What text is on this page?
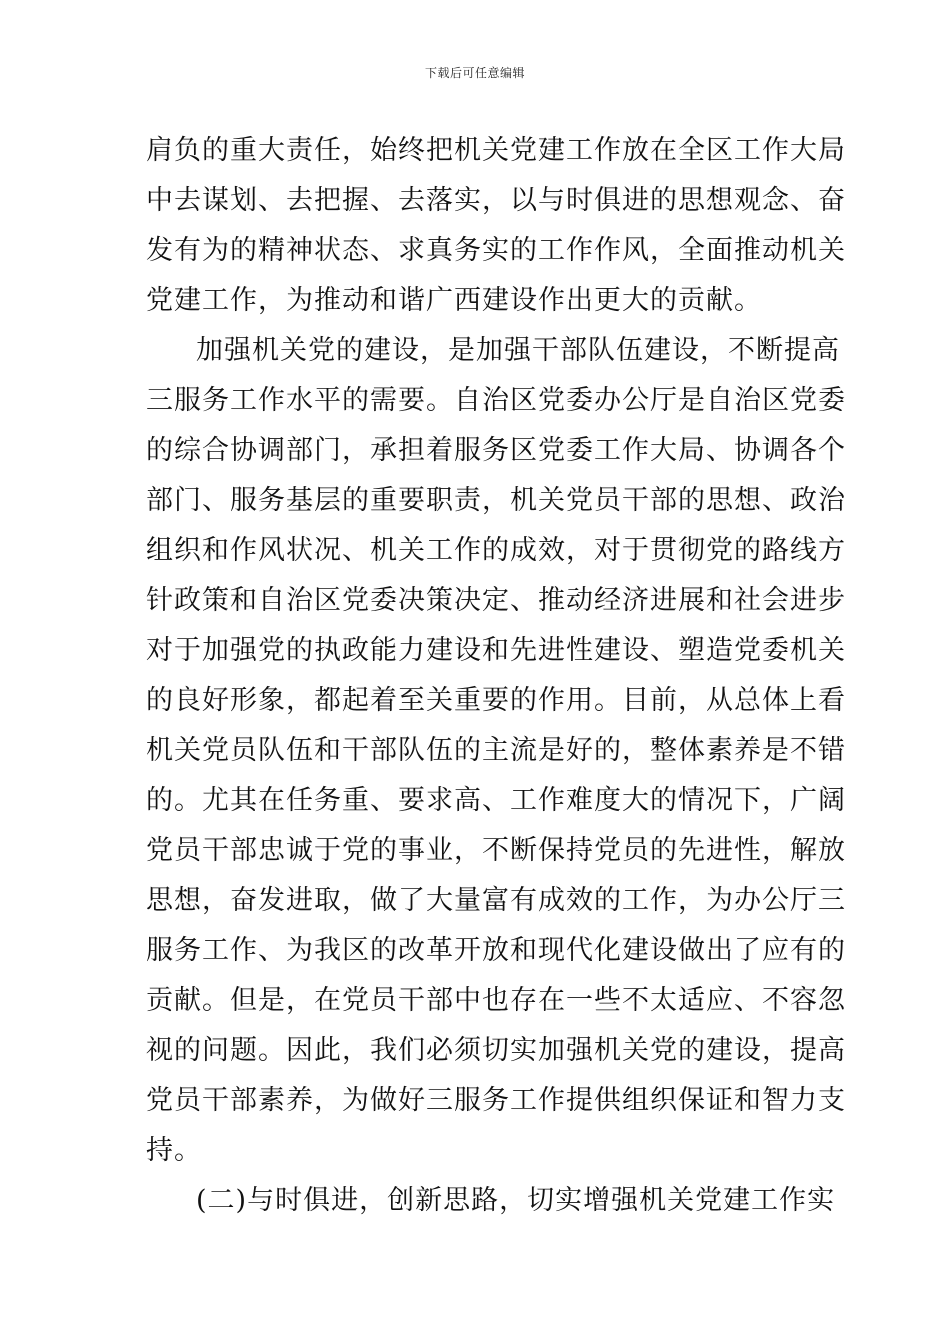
下载后可任意编辑
肩负的重大责任，始终把机关党建工作放在全区工作大局
中去谋划、去把握、去落实，以与时俱进的思想观念、奋
发有为的精神状态、求真务实的工作作风，全面推动机关
党建工作，为推动和谐广西建设作出更大的贡献。
加强机关党的建设，是加强干部队伍建设，不断提高
三服务工作水平的需要。自治区党委办公厅是自治区党委
的综合协调部门，承担着服务区党委工作大局、协调各个
部门、服务基层的重要职责，机关党员干部的思想、政治
组织和作风状况、机关工作的成效，对于贯彻党的路线方
针政策和自治区党委决策决定、推动经济进展和社会进步
对于加强党的执政能力建设和先进性建设、塑造党委机关
的良好形象，都起着至关重要的作用。目前，从总体上看
机关党员队伍和干部队伍的主流是好的，整体素养是不错
的。尤其在任务重、要求高、工作难度大的情况下，广阔
党员干部忠诚于党的事业，不断保持党员的先进性，解放
思想，奋发进取，做了大量富有成效的工作，为办公厅三
服务工作、为我区的改革开放和现代化建设做出了应有的
贡献。但是，在党员干部中也存在一些不太适应、不容忽
视的问题。因此，我们必须切实加强机关党的建设，提高
党员干部素养，为做好三服务工作提供组织保证和智力支
持。
(二)与时俱进，创新思路，切实增强机关党建工作实
